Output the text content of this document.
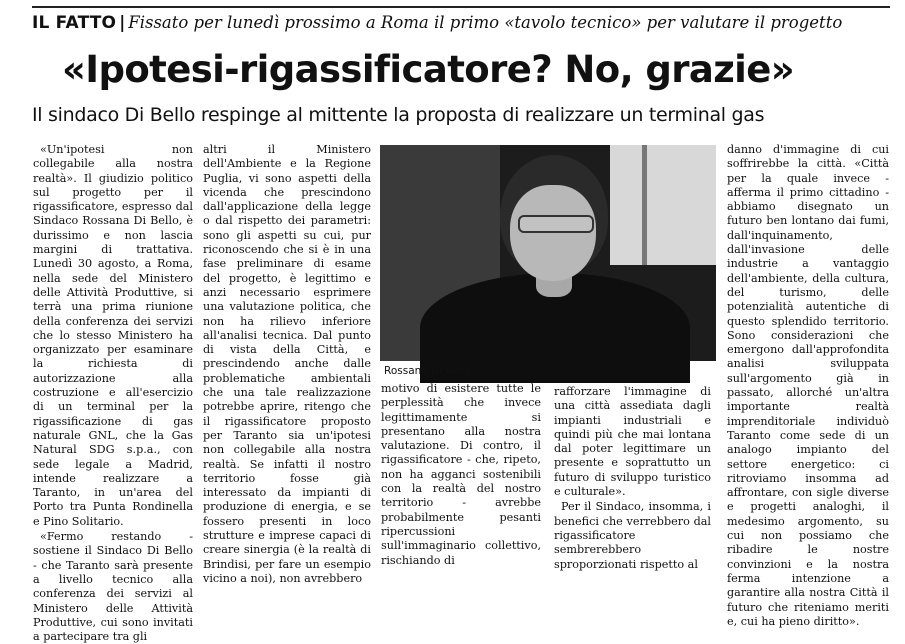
IL FATTO | Fissato per lunedì prossimo a Roma il primo «tavolo tecnico» per valutare il progetto
«Ipotesi-rigassificatore? No, grazie»
Il sindaco Di Bello respinge al mittente la proposta di realizzare un terminal gas

«Un'ipotesi non collegabile alla nostra realtà». Il giudizio politico sul progetto per il rigassificatore, espresso dal Sindaco Rossana Di Bello, è durissimo e non lascia margini di trattativa. Lunedì 30 agosto, a Roma, nella sede del Ministero delle Attività Produttive, si terrà una prima riunione della conferenza dei servizi che lo stesso Ministero ha organizzato per esaminare la richiesta di autorizzazione alla costruzione e all'esercizio di un terminal per la rigassificazione di gas naturale GNL, che la Gas Natural SDG s.p.a., con sede legale a Madrid, intende realizzare a Taranto, in un'area del Porto tra Punta Rondinella e Pino Solitario.

«Fermo restando - sostiene il Sindaco Di Bello - che Taranto sarà presente a livello tecnico alla conferenza dei servizi al Ministero delle Attività Produttive, cui sono invitati a partecipare tra gli

altri il Ministero dell'Ambiente e la Regione Puglia, vi sono aspetti della vicenda che prescindono dall'applicazione della legge o dal rispetto dei parametri: sono gli aspetti su cui, pur riconoscendo che si è in una fase preliminare di esame del progetto, è legittimo e anzi necessario esprimere una valutazione politica, che non ha rilievo inferiore all'analisi tecnica. Dal punto di vista della Città, e prescindendo anche dalle problematiche ambientali che una tale realizzazione potrebbe aprire, ritengo che il rigassificatore proposto per Taranto sia un'ipotesi non collegabile alla nostra realtà. Se infatti il nostro territorio fosse già interessato da impianti di produzione di energia, e se fossero presenti in loco strutture e imprese capaci di creare sinergia (è la realtà di Brindisi, per fare un esempio vicino a noi), non avrebbero

Rossana Di Bello

motivo di esistere tutte le perplessità che invece legittimamente si presentano alla nostra valutazione. Di contro, il rigassificatore - che, ripeto, non ha agganci sostenibili con la realtà del nostro territorio - avrebbe probabilmente pesanti ripercussioni sull'immaginario collettivo, rischiando di

rafforzare l'immagine di una città assediata dagli impianti industriali e quindi più che mai lontana dal poter legittimare un presente e soprattutto un futuro di sviluppo turistico e culturale».

Per il Sindaco, insomma, i benefici che verrebbero dal rigassificatore sembrerebbero sproporzionati rispetto al

danno d'immagine di cui soffrirebbe la città. «Città per la quale invece - afferma il primo cittadino - abbiamo disegnato un futuro ben lontano dai fumi, dall'inquinamento, dall'invasione delle industrie a vantaggio dell'ambiente, della cultura, del turismo, delle potenzialità autentiche di questo splendido territorio. Sono considerazioni che emergono dall'approfondita analisi sviluppata sull'argomento già in passato, allorché un'altra importante realtà imprenditoriale individuò Taranto come sede di un analogo impianto del settore energetico: ci ritroviamo insomma ad affrontare, con sigle diverse e progetti analoghi, il medesimo argomento, su cui non possiamo che ribadire le nostre convinzioni e la nostra ferma intenzione a garantire alla nostra Città il futuro che riteniamo meriti e, cui ha pieno diritto».
